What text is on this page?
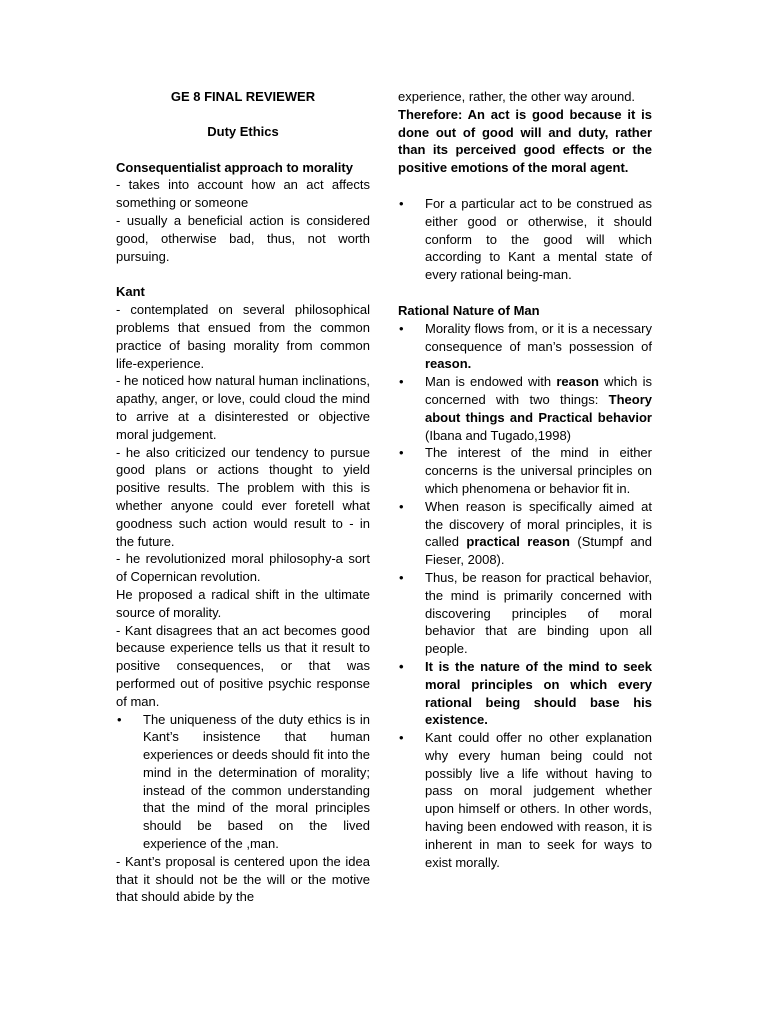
GE 8 FINAL REVIEWER

Duty Ethics

Consequentialist approach to morality

- takes into account how an act affects something or someone

- usually a beneficial action is considered good, otherwise bad, thus, not worth pursuing.

Kant

- contemplated on several philosophical problems that ensued from the common practice of basing morality from common life-experience.

- he noticed how natural human inclinations, apathy, anger, or love, could cloud the mind to arrive at a disinterested or objective moral judgement.

- he also criticized our tendency to pursue good plans or actions thought to yield positive results. The problem with this is whether anyone could ever foretell what goodness such action would result to - in the future.

- he revolutionized moral philosophy-a sort of Copernican revolution.

He proposed a radical shift in the ultimate source of morality.

- Kant disagrees that an act becomes good because experience tells us that it result to positive consequences, or that was performed out of positive psychic response of man.

• The uniqueness of the duty ethics is in Kant’s insistence that human experiences or deeds should fit into the mind in the determination of morality; instead of the common understanding that the mind of the moral principles should be based on the lived experience of the ,man.

- Kant’s proposal is centered upon the idea that it should not be the will or the motive that should abide by the

experience, rather, the other way around.

Therefore: An act is good because it is done out of good will and duty, rather than its perceived good effects or the positive emotions of the moral agent.

• For a particular act to be construed as either good or otherwise, it should conform to the good will which according to Kant a mental state of every rational being-man.

Rational Nature of Man

• Morality flows from, or it is a necessary consequence of man’s possession of reason.
• Man is endowed with reason which is concerned with two things: Theory about things and Practical behavior (Ibana and Tugado,1998)
• The interest of the mind in either concerns is the universal principles on which phenomena or behavior fit in.
• When reason is specifically aimed at the discovery of moral principles, it is called practical reason (Stumpf and Fieser, 2008).
• Thus, be reason for practical behavior, the mind is primarily concerned with discovering principles of moral behavior that are binding upon all people.
• It is the nature of the mind to seek moral principles on which every rational being should base his existence.
• Kant could offer no other explanation why every human being could not possibly live a life without having to pass on moral judgement whether upon himself or others. In other words, having been endowed with reason, it is inherent in man to seek for ways to exist morally.
